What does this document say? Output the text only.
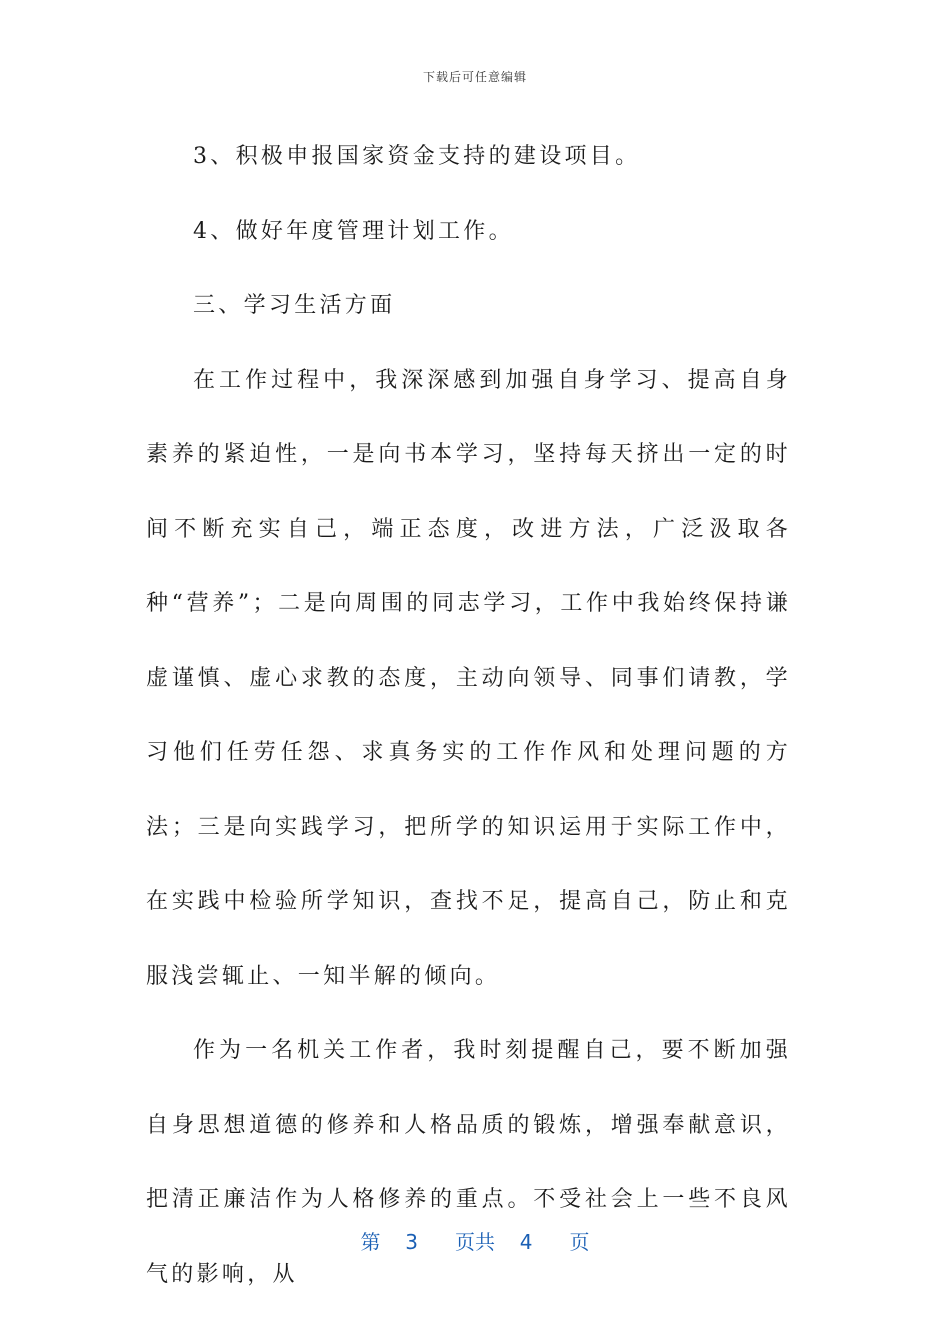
下载后可任意编辑

3、积极申报国家资金支持的建设项目。

4、做好年度管理计划工作。

三、学习生活方面

在工作过程中，我深深感到加强自身学习、提高自身素养的紧迫性，一是向书本学习，坚持每天挤出一定的时间不断充实自己，端正态度，改进方法，广泛汲取各种“营养”；二是向周围的同志学习，工作中我始终保持谦虚谨慎、虚心求教的态度，主动向领导、同事们请教，学习他们任劳任怨、求真务实的工作作风和处理问题的方法；三是向实践学习，把所学的知识运用于实际工作中，在实践中检验所学知识，查找不足，提高自己，防止和克服浅尝辄止、一知半解的倾向。

作为一名机关工作者，我时刻提醒自己，要不断加强自身思想道德的修养和人格品质的锻炼，增强奉献意识，把清正廉洁作为人格修养的重点。不受社会上一些不良风气的影响，从

第  3   页共  4   页
